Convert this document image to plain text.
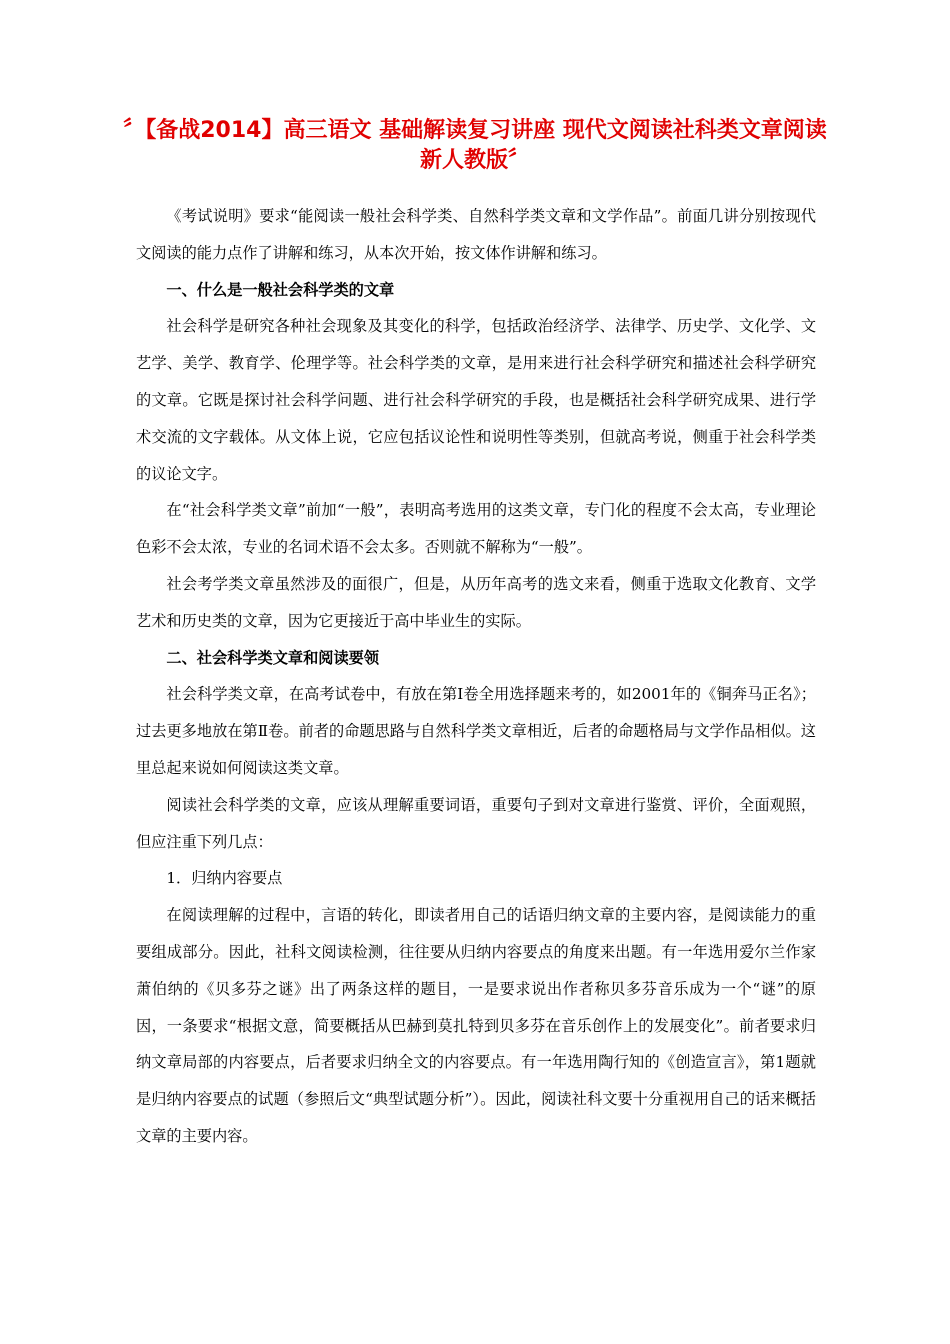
〞【备战2014】高三语文 基础解读复习讲座 现代文阅读社科类文章阅读 新人教版〞

《考试说明》要求“能阅读一般社会科学类、自然科学类文章和文学作品”。前面几讲分别按现代文阅读的能力点作了讲解和练习，从本次开始，按文体作讲解和练习。

一、什么是一般社会科学类的文章

社会科学是研究各种社会现象及其变化的科学，包括政治经济学、法律学、历史学、文化学、文艺学、美学、教育学、伦理学等。社会科学类的文章，是用来进行社会科学研究和描述社会科学研究的文章。它既是探讨社会科学问题、进行社会科学研究的手段，也是概括社会科学研究成果、进行学术交流的文字载体。从文体上说，它应包括议论性和说明性等类别，但就高考说，侧重于社会科学类的议论文字。

在“社会科学类文章”前加“一般”，表明高考选用的这类文章，专门化的程度不会太高，专业理论色彩不会太浓，专业的名词术语不会太多。否则就不解称为“一般”。

社会考学类文章虽然涉及的面很广，但是，从历年高考的选文来看，侧重于选取文化教育、文学艺术和历史类的文章，因为它更接近于高中毕业生的实际。

二、社会科学类文章和阅读要领

社会科学类文章，在高考试卷中，有放在第Ⅰ卷全用选择题来考的，如2001年的《铜奔马正名》；过去更多地放在第Ⅱ卷。前者的命题思路与自然科学类文章相近，后者的命题格局与文学作品相似。这里总起来说如何阅读这类文章。

阅读社会科学类的文章，应该从理解重要词语，重要句子到对文章进行鉴赏、评价，全面观照，但应注重下列几点：

1．归纳内容要点

在阅读理解的过程中，言语的转化，即读者用自己的话语归纳文章的主要内容，是阅读能力的重要组成部分。因此，社科文阅读检测，往往要从归纳内容要点的角度来出题。有一年选用爱尔兰作家萧伯纳的《贝多芬之谜》出了两条这样的题目，一是要求说出作者称贝多芬音乐成为一个“谜”的原因，一条要求“根据文意，简要概括从巴赫到莫扎特到贝多芬在音乐创作上的发展变化”。前者要求归纳文章局部的内容要点，后者要求归纳全文的内容要点。有一年选用陶行知的《创造宣言》，第1题就是归纳内容要点的试题（参照后文“典型试题分析”）。因此，阅读社科文要十分重视用自己的话来概括文章的主要内容。
